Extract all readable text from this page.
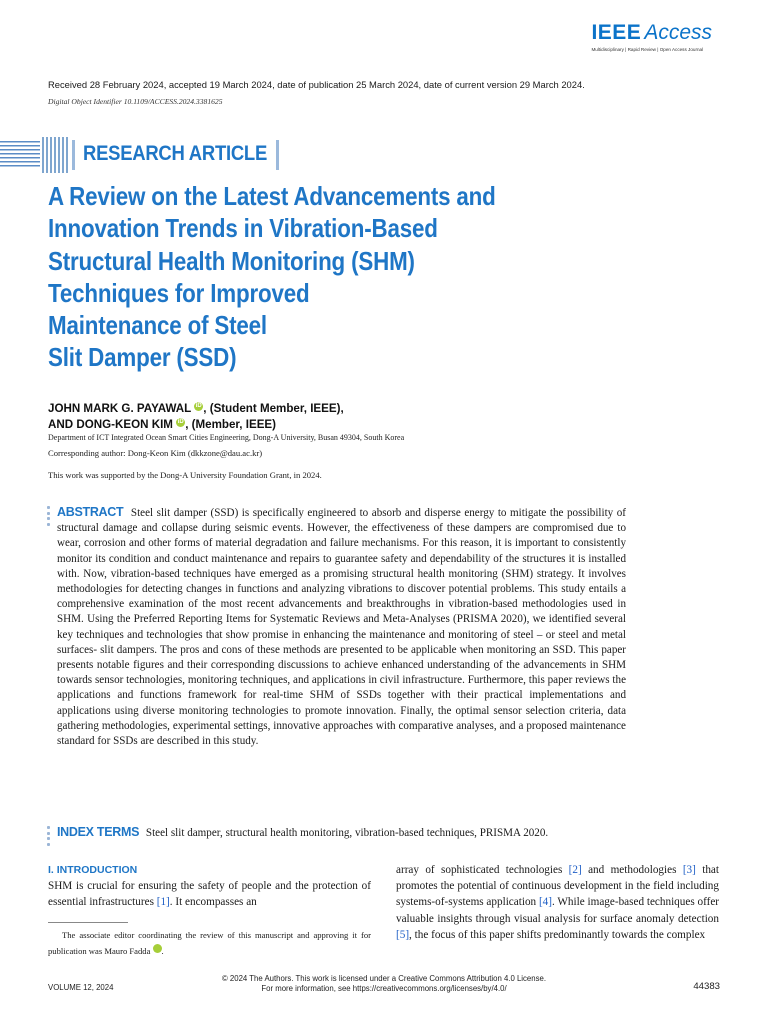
IEEE Access
Multidisciplinary | Rapid Review | Open Access Journal
Received 28 February 2024, accepted 19 March 2024, date of publication 25 March 2024, date of current version 29 March 2024.
Digital Object Identifier 10.1109/ACCESS.2024.3381625
RESEARCH ARTICLE
A Review on the Latest Advancements and
Innovation Trends in Vibration-Based
Structural Health Monitoring (SHM)
Techniques for Improved
Maintenance of Steel
Slit Damper (SSD)
JOHN MARK G. PAYAWAL iD , (Student Member, IEEE),
AND DONG-KEON KIM iD , (Member, IEEE)
Department of ICT Integrated Ocean Smart Cities Engineering, Dong-A University, Busan 49304, South Korea
Corresponding author: Dong-Keon Kim (dkkzone@dau.ac.kr)
This work was supported by the Dong-A University Foundation Grant, in 2024.
ABSTRACT Steel slit damper (SSD) is specifically engineered to absorb and disperse energy to mitigate the possibility of structural damage and collapse during seismic events. However, the effectiveness of these dampers are compromised due to wear, corrosion and other forms of material degradation and failure mechanisms. For this reason, it is important to consistently monitor its condition and conduct maintenance and repairs to guarantee safety and dependability of the structures it is installed with. Now, vibration-based techniques have emerged as a promising structural health monitoring (SHM) strategy. It involves methodologies for detecting changes in functions and analyzing vibrations to discover potential problems. This study entails a comprehensive examination of the most recent advancements and breakthroughs in vibration-based methodologies used in SHM. Using the Preferred Reporting Items for Systematic Reviews and Meta-Analyses (PRISMA 2020), we identified several key techniques and technologies that show promise in enhancing the maintenance and monitoring of steel – or steel and metal surfaces- slit dampers. The pros and cons of these methods are presented to be applicable when monitoring an SSD. This paper presents notable figures and their corresponding discussions to achieve enhanced understanding of the advancements in SHM towards sensor technologies, monitoring techniques, and applications in civil infrastructure. Furthermore, this paper reviews the applications and functions framework for real-time SHM of SSDs together with their practical implementations and applications using diverse monitoring technologies to promote innovation. Finally, the optimal sensor selection criteria, data gathering methodologies, experimental settings, innovative approaches with comparative analyses, and a proposed maintenance standard for SSDs are described in this study.
INDEX TERMS Steel slit damper, structural health monitoring, vibration-based techniques, PRISMA 2020.
I. INTRODUCTION
SHM is crucial for ensuring the safety of people and the protection of essential infrastructures [1]. It encompasses an

The associate editor coordinating the review of this manuscript and approving it for publication was Mauro Fadda	iD.

array of sophisticated technologies [2] and methodologies [3] that promotes the potential of continuous development in the field including systems-of-systems application [4]. While image-based techniques offer valuable insights through visual analysis for surface anomaly detection [5], the focus of this paper shifts predominantly towards the complex
© 2024 The Authors. This work is licensed under a Creative Commons Attribution 4.0 License.
For more information, see https://creativecommons.org/licenses/by/4.0/
VOLUME 12, 2024	44383
